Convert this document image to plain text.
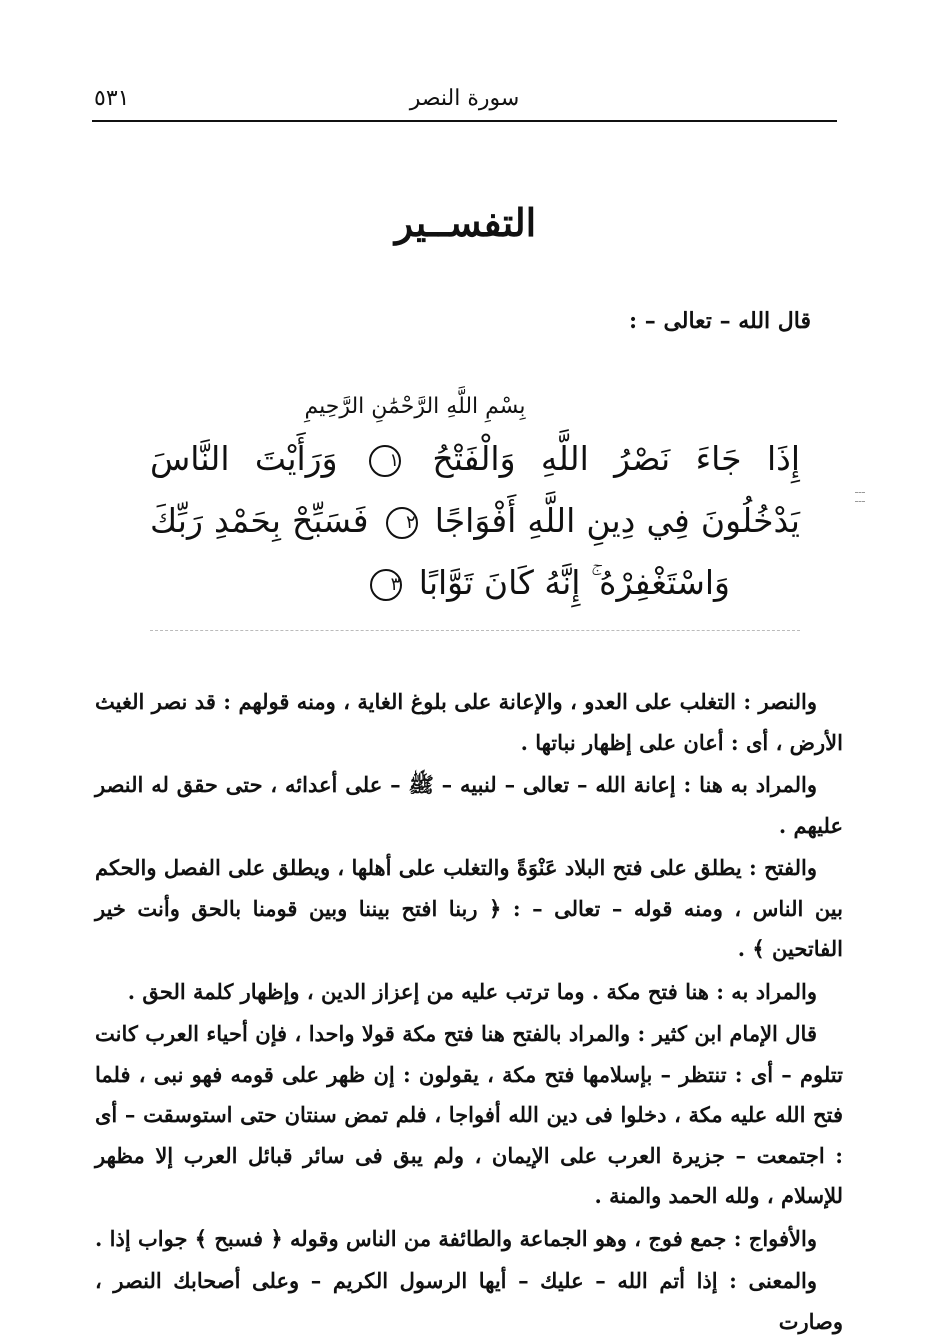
٥٣١	سورة النصر
التفســير
قال الله – تعالى – :
بِسْمِ اللَّهِ الرَّحْمَٰنِ الرَّحِيمِ
إِذَا جَاءَ نَصْرُ اللَّهِ وَالْفَتْحُ ١ وَرَأَيْتَ النَّاسَ
يَدْخُلُونَ فِي دِينِ اللَّهِ أَفْوَاجًا ٢ فَسَبِّحْ بِحَمْدِ رَبِّكَ
وَاسْتَغْفِرْهُ ۚ إِنَّهُ كَانَ تَوَّابًا ٣

والنصر : التغلب على العدو ، والإعانة على بلوغ الغاية ، ومنه قولهم : قد نصر الغيث الأرض ، أى : أعان على إظهار نباتها .

والمراد به هنا : إعانة الله – تعالى – لنبيه – ﷺ – على أعدائه ، حتى حقق له النصر عليهم .

والفتح : يطلق على فتح البلاد عَنْوَةً والتغلب على أهلها ، ويطلق على الفصل والحكم بين الناس ، ومنه قوله – تعالى – : ﴿ ربنا افتح بيننا وبين قومنا بالحق وأنت خير الفاتحين ﴾ .

والمراد به : هنا فتح مكة . وما ترتب عليه من إعزاز الدين ، وإظهار كلمة الحق .

قال الإمام ابن كثير : والمراد بالفتح هنا فتح مكة قولا واحدا ، فإن أحياء العرب كانت تتلوم – أى : تنتظر – بإسلامها فتح مكة ، يقولون : إن ظهر على قومه فهو نبى ، فلما فتح الله عليه مكة ، دخلوا فى دين الله أفواجا ، فلم تمض سنتان حتى استوسقت – أى : اجتمعت – جزيرة العرب على الإيمان ، ولم يبق فى سائر قبائل العرب إلا مظهر للإسلام ، ولله الحمد والمنة .

والأفواج : جمع فوج ، وهو الجماعة والطائفة من الناس وقوله ﴿ فسبح ﴾ جواب إذا .

والمعنى : إذا أتم الله – عليك – أيها الرسول الكريم – وعلى أصحابك النصر ، وصارت
